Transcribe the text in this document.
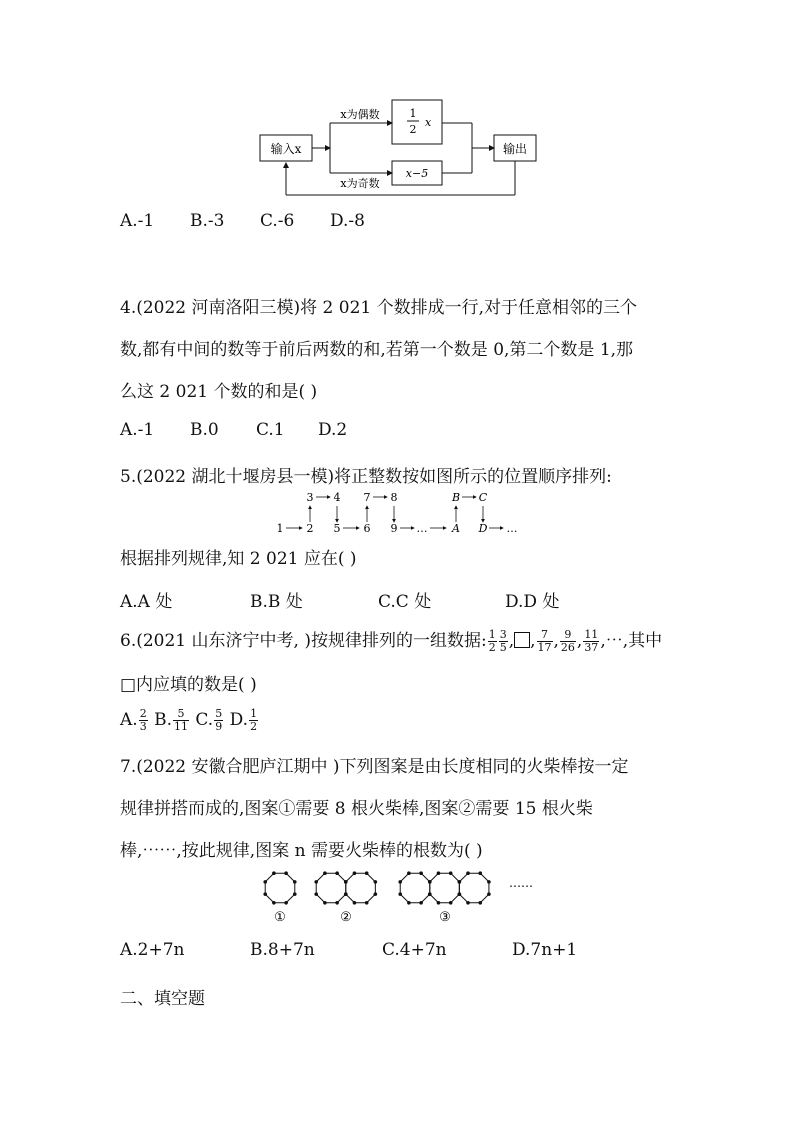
输入x
x为偶数
x为奇数
1
2
x
x−5
输出
A.-1 B.-3 C.-6 D.-8
4.(2022 河南洛阳三模)将 2 021 个数排成一行,对于任意相邻的三个
数,都有中间的数等于前后两数的和,若第一个数是 0,第二个数是 1,那
么这 2 021 个数的和是( )
A.-1 B.0 C.1 D.2
5.(2022 湖北十堰房县一模)将正整数按如图所示的位置顺序排列:
3 4 7 8	B C
1 2 5 6 9 …	… A D …
根据排列规律,知 2 021 应在( )
A.A 处	B.B 处	C.C 处	D.D 处
6.(2021 山东济宁中考, )按规律排列的一组数据: $\frac{1}{2} \frac{3}{5}$ , , $\frac{7}{17}$ , $\frac{9}{26}$ , $\frac{11}{37}$ ,⋯,其中
□内应填的数是( )
A. $\frac{2}{3} B$. $\frac{5}{11} C$. $\frac{5}{9} D$. $\frac{1}{2}$
7.(2022 安徽合肥庐江期中 )下列图案是由长度相同的火柴棒按一定
规律拼搭而成的,图案①需要 8 根火柴棒,图案②需要 15 根火柴
棒,⋯⋯,按此规律,图案 n 需要火柴棒的根数为( )
①	②	③
⋯⋯
A.2+7n	B.8+7n	C.4+7n	D.7n+1
二、填空题
